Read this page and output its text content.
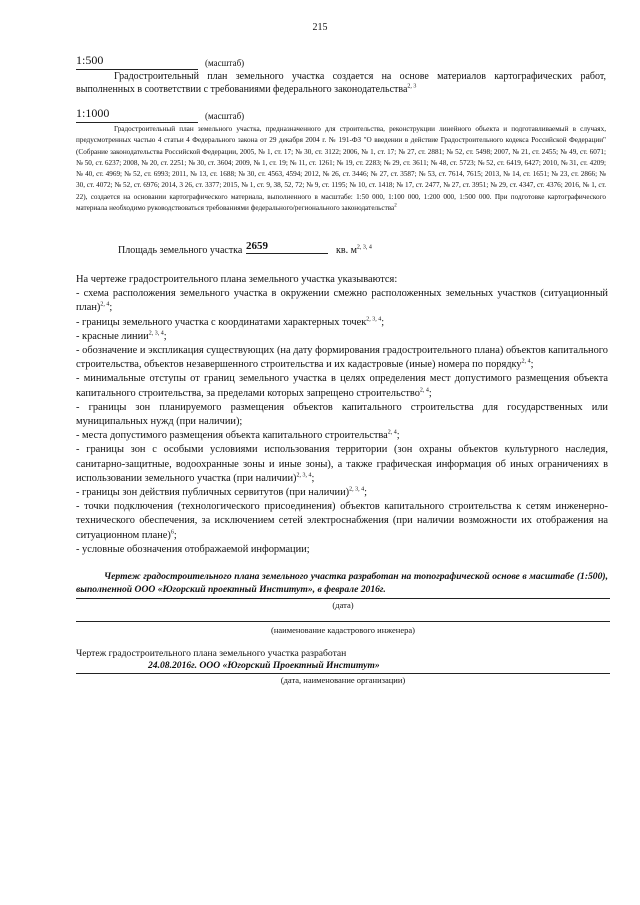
215
1:500	(масштаб)
Градостроительный план земельного участка создается на основе материалов картографических работ, выполненных в соответствии с требованиями федерального законодательства$^{2, 3}$
1:1000	(масштаб)
Градостроительный план земельного участка, предназначенного для строительства, реконструкции линейного объекта и подготавливаемый в случаях, предусмотренных частью 4 статьи 4 Федерального закона от 29 декабря 2004 г. № 191-ФЗ "О введении в действие Градостроительного кодекса Российской Федерации" (Собрание законодательства Российской Федерации, 2005, № 1, ст. 17; № 30, ст. 3122; 2006, № 1, ст. 17; № 27, ст. 2881; № 52, ст. 5498; 2007, № 21, ст. 2455; № 49, ст. 6071; № 50, ст. 6237; 2008, № 20, ст. 2251; № 30, ст. 3604; 2009, № 1, ст. 19; № 11, ст. 1261; № 19, ст. 2283; № 29, ст. 3611; № 48, ст. 5723; № 52, ст. 6419, 6427; 2010, № 31, ст. 4209; № 40, ст. 4969; № 52, ст. 6993; 2011, № 13, ст. 1688; № 30, ст. 4563, 4594; 2012, № 26, ст. 3446; № 27, ст. 3587; № 53, ст. 7614, 7615; 2013, № 14, ст. 1651; № 23, ст. 2866; № 30, ст. 4072; № 52, ст. 6976; 2014, 3 26, ст. 3377; 2015, № 1, ст. 9, 38, 52, 72; № 9, ст. 1195; № 10, ст. 1418; № 17, ст. 2477, № 27, ст. 3951; № 29, ст. 4347, ст. 4376; 2016, № 1, ст. 22), создается на основании картографического материала, выполненного в масштабе: 1:50 000, 1:100 000, 1:200 000, 1:500 000. При подготовке картографического материала необходимо руководствоваться требованиями федерального/регионального законодательства$^2$
Площадь земельного участка 2659	кв. $м^{2, 3, 4}$
На чертеже градостроительного плана земельного участка указываются:
- схема расположения земельного участка в окружении смежно расположенных земельных участков (ситуационный план)$^{2, 4}$;
- границы земельного участка с координатами характерных точек$^{2, 3, 4}$;
- красные линии$^{2, 3, 4}$;
- обозначение и экспликация существующих (на дату формирования градостроительного плана) объектов капитального строительства, объектов незавершенного строительства и их кадастровые (иные) номера по порядку$^{2, 4}$;
- минимальные отступы от границ земельного участка в целях определения мест допустимого размещения объекта капитального строительства, за пределами которых запрещено строительство$^{2, 4}$;
- границы зон планируемого размещения объектов капитального строительства для государственных или муниципальных нужд (при наличии);
- места допустимого размещения объекта капитального строительства$^{2, 4}$;
- границы зон с особыми условиями использования территории (зон охраны объектов культурного наследия, санитарно-защитные, водоохранные зоны и иные зоны), а также графическая информация об иных ограничениях в использовании земельного участка (при наличии)$^{2, 3, 4}$;
- границы зон действия публичных сервитутов (при наличии)$^{2, 3, 4}$;
- точки подключения (технологического присоединения) объектов капитального строительства к сетям инженерно-технического обеспечения, за исключением сетей электроснабжения (при наличии возможности их отображения на ситуационном плане)$^6$;
- условные обозначения отображаемой информации;
Чертеж градостроительного плана земельного участка разработан на топографической основе в масштабе (1:500), выполненной ООО «Югорский проектный Институт», в феврале 2016г.
(дата)
(наименование кадастрового инженера)
Чертеж градостроительного плана земельного участка разработан
24.08.2016г. ООО «Югорский Проектный Институт»
(дата, наименование организации)
